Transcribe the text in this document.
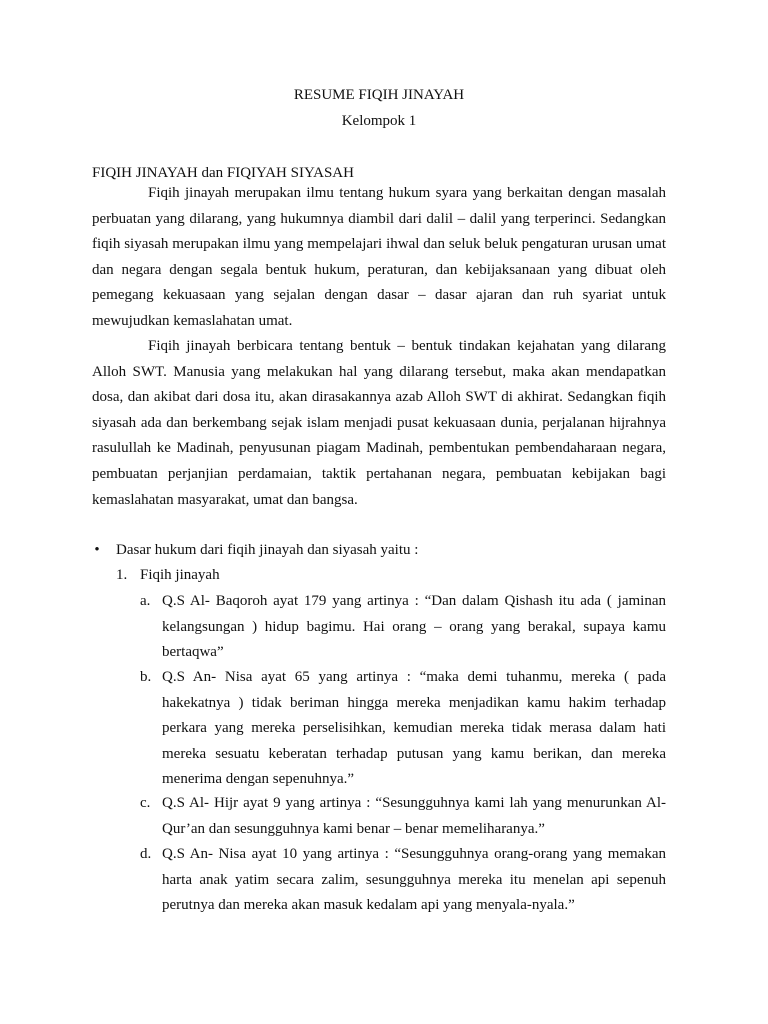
RESUME FIQIH JINAYAH
Kelompok 1
FIQIH JINAYAH dan FIQIYAH SIYASAH

Fiqih jinayah merupakan ilmu tentang hukum syara yang berkaitan dengan masalah perbuatan yang dilarang, yang hukumnya diambil dari dalil – dalil yang terperinci. Sedangkan fiqih siyasah merupakan ilmu yang mempelajari ihwal dan seluk beluk pengaturan urusan umat dan negara dengan segala bentuk hukum, peraturan, dan kebijaksanaan yang dibuat oleh pemegang kekuasaan yang sejalan dengan dasar – dasar ajaran dan ruh syariat untuk mewujudkan kemaslahatan umat.

Fiqih jinayah berbicara tentang bentuk – bentuk tindakan kejahatan yang dilarang Alloh SWT. Manusia yang melakukan hal yang dilarang tersebut, maka akan mendapatkan dosa, dan akibat dari dosa itu, akan dirasakannya azab Alloh SWT di akhirat. Sedangkan fiqih siyasah ada dan berkembang sejak islam menjadi pusat kekuasaan dunia, perjalanan hijrahnya rasulullah ke Madinah, penyusunan piagam Madinah, pembentukan pembendaharaan negara, pembuatan perjanjian perdamaian, taktik pertahanan negara, pembuatan kebijakan bagi kemaslahatan masyarakat, umat dan bangsa.

• Dasar hukum dari fiqih jinayah dan siyasah yaitu :
1. Fiqih jinayah
a. Q.S Al- Baqoroh ayat 179 yang artinya : “Dan dalam Qishash itu ada ( jaminan kelangsungan ) hidup bagimu. Hai orang – orang yang berakal, supaya kamu bertaqwa”

b. Q.S An- Nisa ayat 65 yang artinya : “maka demi tuhanmu, mereka ( pada hakekatnya ) tidak beriman hingga mereka menjadikan kamu hakim terhadap perkara yang mereka perselisihkan, kemudian mereka tidak merasa dalam hati mereka sesuatu keberatan terhadap putusan yang kamu berikan, dan mereka menerima dengan sepenuhnya.”

c. Q.S Al- Hijr ayat 9 yang artinya : “Sesungguhnya kami lah yang menurunkan Al- Qur’an dan sesungguhnya kami benar – benar memeliharanya.”

d. Q.S An- Nisa ayat 10 yang artinya : “Sesungguhnya orang-orang yang memakan harta anak yatim secara zalim, sesungguhnya mereka itu menelan api sepenuh perutnya dan mereka akan masuk kedalam api yang menyala-nyala.”
